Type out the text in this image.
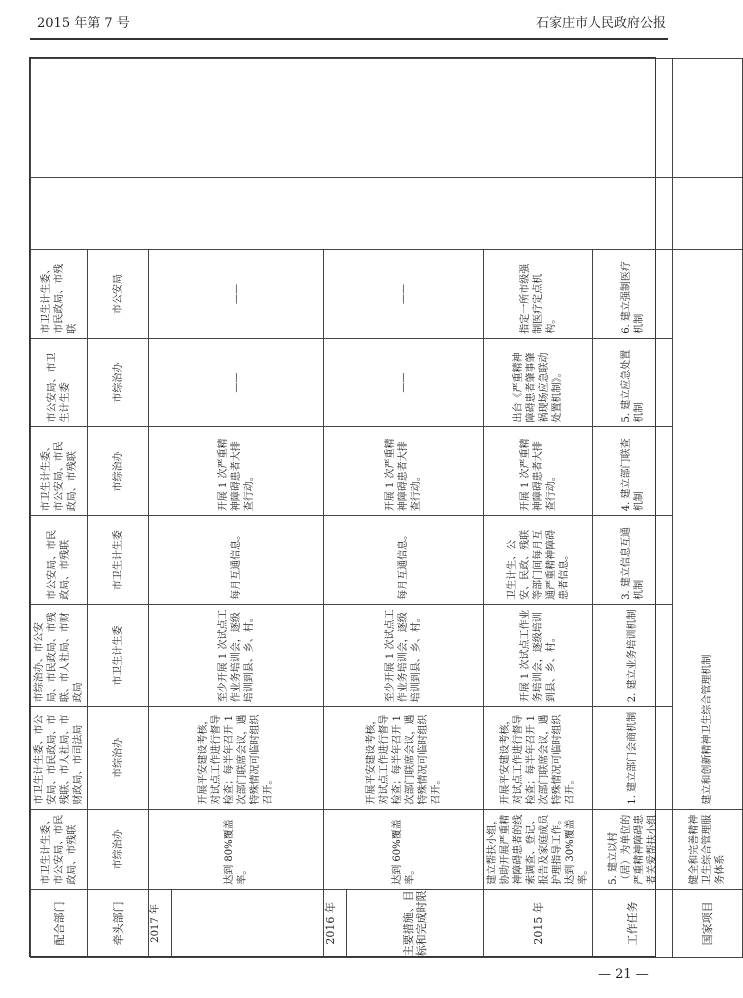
2015 年第 7 号	石家庄市人民政府公报
配合部门	市卫生计生委、市公安局、市民政局、市残联	市卫生计生委、市公安局、市民政局、市残联、市人社局、市财政局、市司法局	市综治办、市公安局、市民政局、市残联、市人社局、市财政局	市公安局、市民政局、市残联	市卫生计生委、市公安局、市民政局、市残联	市公安局、市卫生计生委	市卫生计生委、市民政局、市残联		
牵头部门	市综治办	市综治办	市卫生计生委	市卫生计生委	市综治办	市综治办	市公安局		

2017 年	达到 80%覆盖率。	开展平安建设考核，对试点工作进行督导检查；每半年召开 1 次部门联席会议，遇特殊情况可临时组织召开。	至少开展 1 次试点工作业务培训会，逐级培训到县、乡、村。	每月互通信息。	开展 1 次严重精神障碍患者大排查行动。	——	——		

2016 年 主要措施、目标和完成时限	达到 60%覆盖率。	开展平安建设考核，对试点工作进行督导检查；每半年召开 1 次部门联席会议，遇特殊情况可临时组织召开。	至少开展 1 次试点工作业务培训会，逐级培训到县、乡、村。	每月互通信息。	开展 1 次严重精神障碍患者大排查行动。	——	——		
2015 年	建立帮扶小组，协助开展严重精神障碍患者的线索调查、登记、报告及家庭成员护理指导工作。达到 30%覆盖率。	开展平安建设考核，对试点工作进行督导检查；每半年召开 1 次部门联席会议，遇特殊情况可临时组织召开。	开展 1 次试点工作业务培训会，逐级培训到县、乡、村。	卫生计生、公安、民政、残联等部门间每月互通严重精神障碍患者信息。	开展 1 次严重精神障碍患者大排查行动。	出台《严重精神障碍患者肇事肇祸现场应急联动处置机制》。	指定一所市级强制医疗定点机构。		
工作任务	5. 建立以村（居）为单位的严重精神障碍患者关爱帮扶小组	1. 建立部门会商机制	2. 建立业务培训机制	3. 建立信息互通机制	4. 建立部门联查机制	5. 建立应急处置机制	6. 建立强制医疗机制		
国家项目	健全和完善精神卫生综合管理服务体系	建立和创新精神卫生综合管理机制							
— 21 —
